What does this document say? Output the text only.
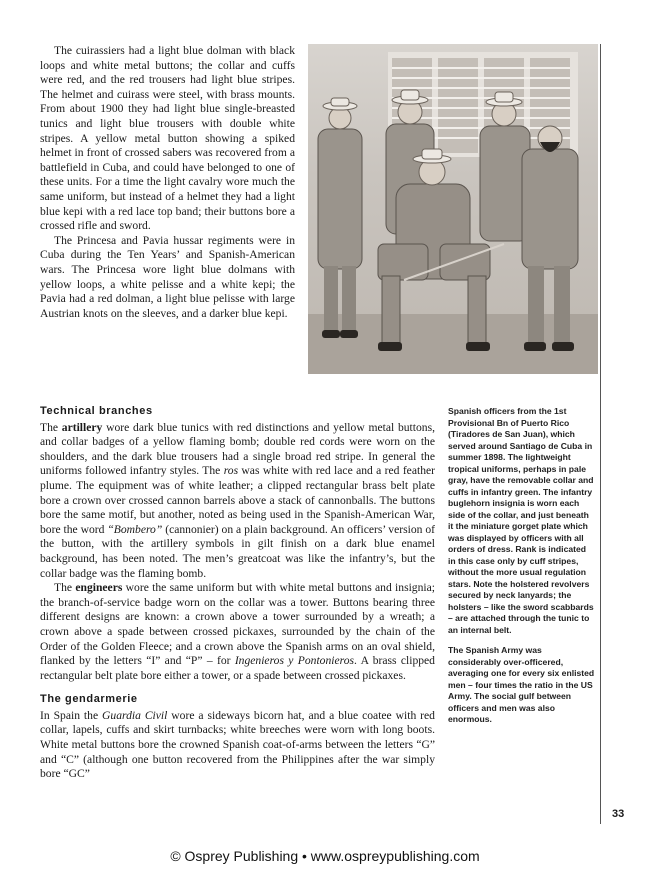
The cuirassiers had a light blue dolman with black loops and white metal buttons; the collar and cuffs were red, and the red trousers had light blue stripes. The helmet and cuirass were steel, with brass mounts. From about 1900 they had light blue single-breasted tunics and light blue trousers with double white stripes. A yellow metal button showing a spiked helmet in front of crossed sabers was recovered from a battlefield in Cuba, and could have belonged to one of these units. For a time the light cavalry wore much the same uniform, but instead of a helmet they had a light blue kepi with a red lace top band; their buttons bore a crossed rifle and sword.

The Princesa and Pavia hussar regiments were in Cuba during the Ten Years’ and Spanish-American wars. The Princesa wore light blue dolmans with yellow loops, a white pelisse and a white kepi; the Pavia had a red dolman, a light blue pelisse with large Austrian knots on the sleeves, and a darker blue kepi.

Technical branches

The artillery wore dark blue tunics with red distinctions and yellow metal buttons, and collar badges of a yellow flaming bomb; double red cords were worn on the shoulders, and the dark blue trousers had a single broad red stripe. In general the uniforms followed infantry styles. The ros was white with red lace and a red feather plume. The equipment was of white leather; a clipped rectangular brass belt plate bore a crown over crossed cannon barrels above a stack of cannonballs. The buttons bore the same motif, but another, noted as being used in the Spanish-American War, bore the word “Bombero” (cannonier) on a plain background. An officers’ version of the button, with the artillery symbols in gilt finish on a dark blue enamel background, has been noted. The men’s greatcoat was like the infantry’s, but the collar badge was the flaming bomb.

The engineers wore the same uniform but with white metal buttons and insignia; the branch-of-service badge worn on the collar was a tower. Buttons bearing three different designs are known: a crown above a tower surrounded by a wreath; a crown above a spade between crossed pickaxes, surrounded by the chain of the Order of the Golden Fleece; and a crown above the Spanish arms on an oval shield, flanked by the letters “I” and “P” – for Ingenieros y Pontonieros. A brass clipped rectangular belt plate bore either a tower, or a spade between crossed pickaxes.

The gendarmerie

In Spain the Guardia Civil wore a sideways bicorn hat, and a blue coatee with red collar, lapels, cuffs and skirt turnbacks; white breeches were worn with long boots. White metal buttons bore the crowned Spanish coat-of-arms between the letters “G” and “C” (although one button recovered from the Philippines after the war simply bore “GC”

Spanish officers from the 1st Provisional Bn of Puerto Rico (Tiradores de San Juan), which served around Santiago de Cuba in summer 1898. The lightweight tropical uniforms, perhaps in pale gray, have the removable collar and cuffs in infantry green. The infantry buglehorn insignia is worn each side of the collar, and just beneath it the miniature gorget plate which was displayed by officers with all orders of dress. Rank is indicated in this case only by cuff stripes, without the more usual regulation stars. Note the holstered revolvers secured by neck lanyards; the holsters – like the sword scabbards – are attached through the tunic to an internal belt.

The Spanish Army was considerably over-officered, averaging one for every six enlisted men – four times the ratio in the US Army. The social gulf between officers and men was also enormous.

33
© Osprey Publishing • www.ospreypublishing.com
